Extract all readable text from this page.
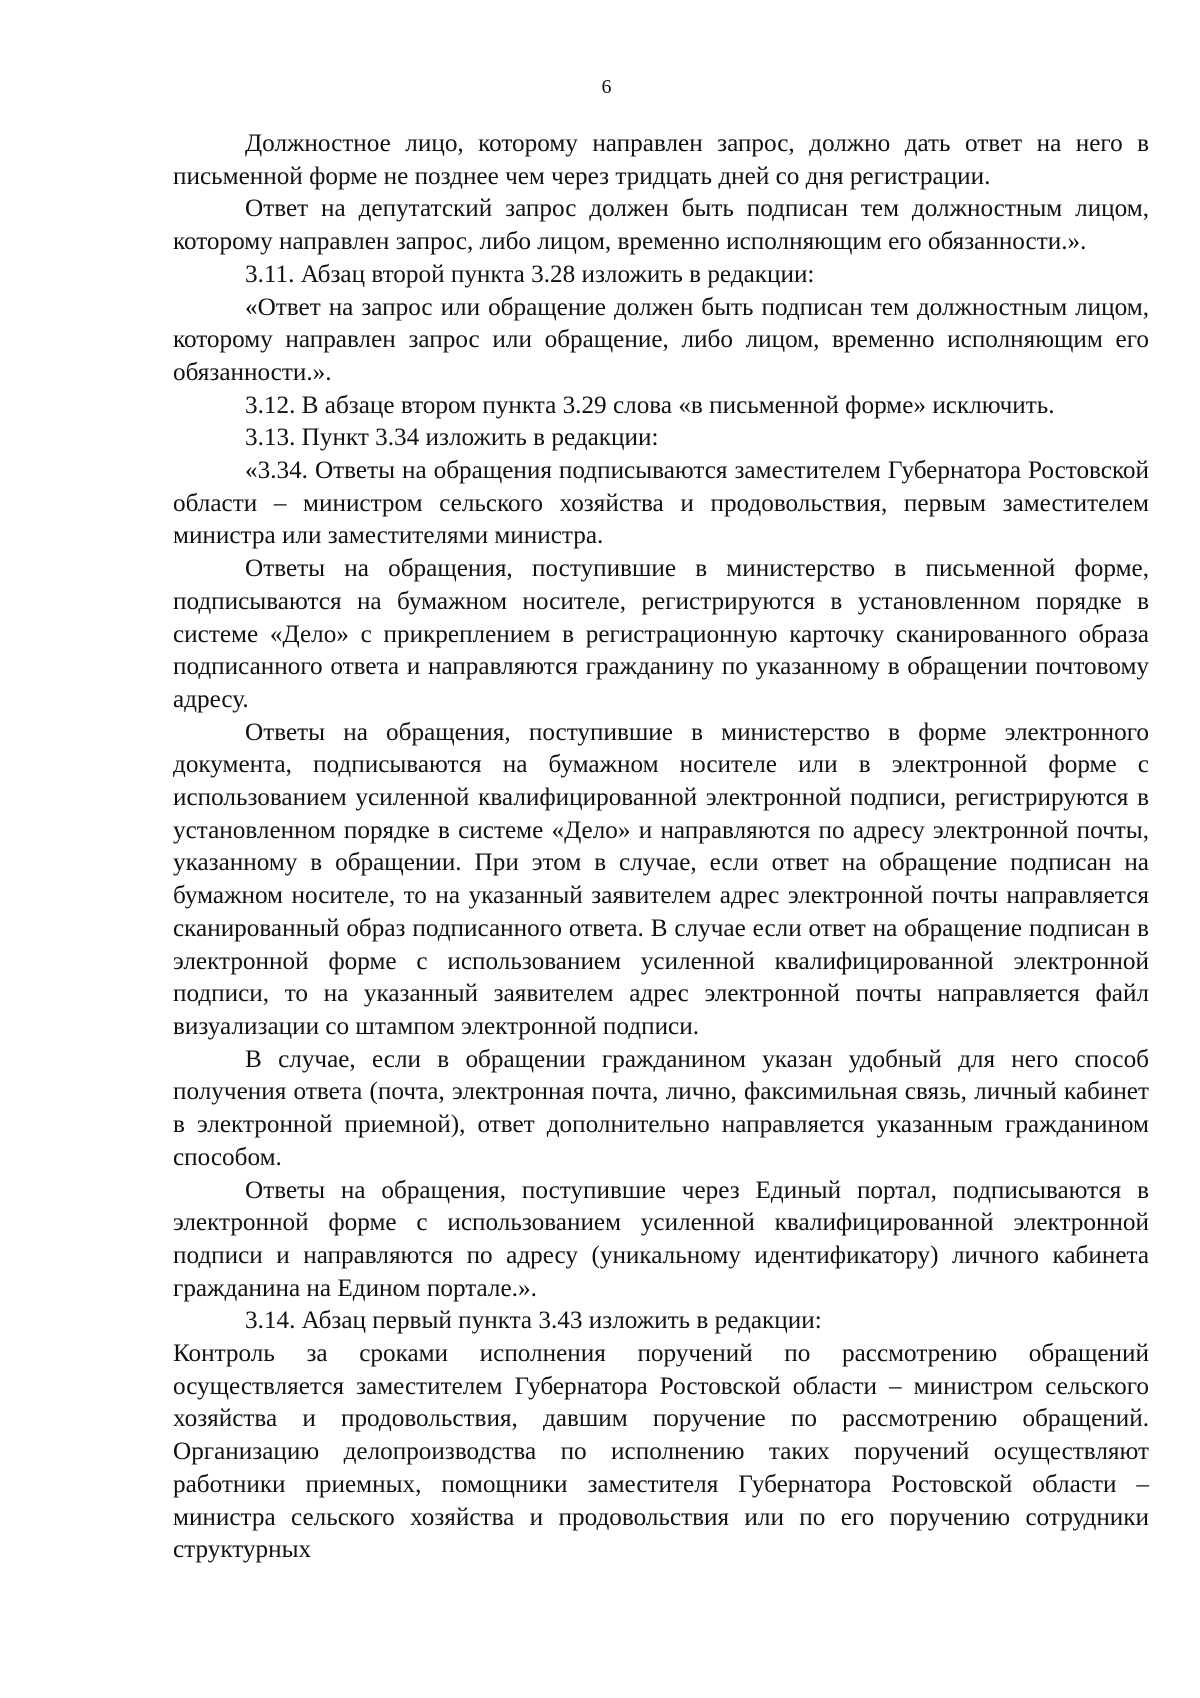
6

Должностное лицо, которому направлен запрос, должно дать ответ на него в письменной форме не позднее чем через тридцать дней со дня регистрации.

Ответ на депутатский запрос должен быть подписан тем должностным лицом, которому направлен запрос, либо лицом, временно исполняющим его обязанности.».

3.11. Абзац второй пункта 3.28 изложить в редакции:

«Ответ на запрос или обращение должен быть подписан тем должностным лицом, которому направлен запрос или обращение, либо лицом, временно исполняющим его обязанности.».

3.12. В абзаце втором пункта 3.29 слова «в письменной форме» исключить.

3.13. Пункт 3.34 изложить в редакции:

«3.34. Ответы на обращения подписываются заместителем Губернатора Ростовской области – министром сельского хозяйства и продовольствия, первым заместителем министра или заместителями министра.

Ответы на обращения, поступившие в министерство в письменной форме, подписываются на бумажном носителе, регистрируются в установленном порядке в системе «Дело» с прикреплением в регистрационную карточку сканированного образа подписанного ответа и направляются гражданину по указанному в обращении почтовому адресу.

Ответы на обращения, поступившие в министерство в форме электронного документа, подписываются на бумажном носителе или в электронной форме с использованием усиленной квалифицированной электронной подписи, регистрируются в установленном порядке в системе «Дело» и направляются по адресу электронной почты, указанному в обращении. При этом в случае, если ответ на обращение подписан на бумажном носителе, то на указанный заявителем адрес электронной почты направляется сканированный образ подписанного ответа. В случае если ответ на обращение подписан в электронной форме с использованием усиленной квалифицированной электронной подписи, то на указанный заявителем адрес электронной почты направляется файл визуализации со штампом электронной подписи.

В случае, если в обращении гражданином указан удобный для него способ получения ответа (почта, электронная почта, лично, факсимильная связь, личный кабинет в электронной приемной), ответ дополнительно направляется указанным гражданином способом.

Ответы на обращения, поступившие через Единый портал, подписываются в электронной форме с использованием усиленной квалифицированной электронной подписи и направляются по адресу (уникальному идентификатору) личного кабинета гражданина на Едином портале.».

3.14. Абзац первый пункта 3.43 изложить в редакции:

Контроль за сроками исполнения поручений по рассмотрению обращений осуществляется заместителем Губернатора Ростовской области – министром сельского хозяйства и продовольствия, давшим поручение по рассмотрению обращений. Организацию делопроизводства по исполнению таких поручений осуществляют работники приемных, помощники заместителя Губернатора Ростовской области – министра сельского хозяйства и продовольствия или по его поручению сотрудники структурных
